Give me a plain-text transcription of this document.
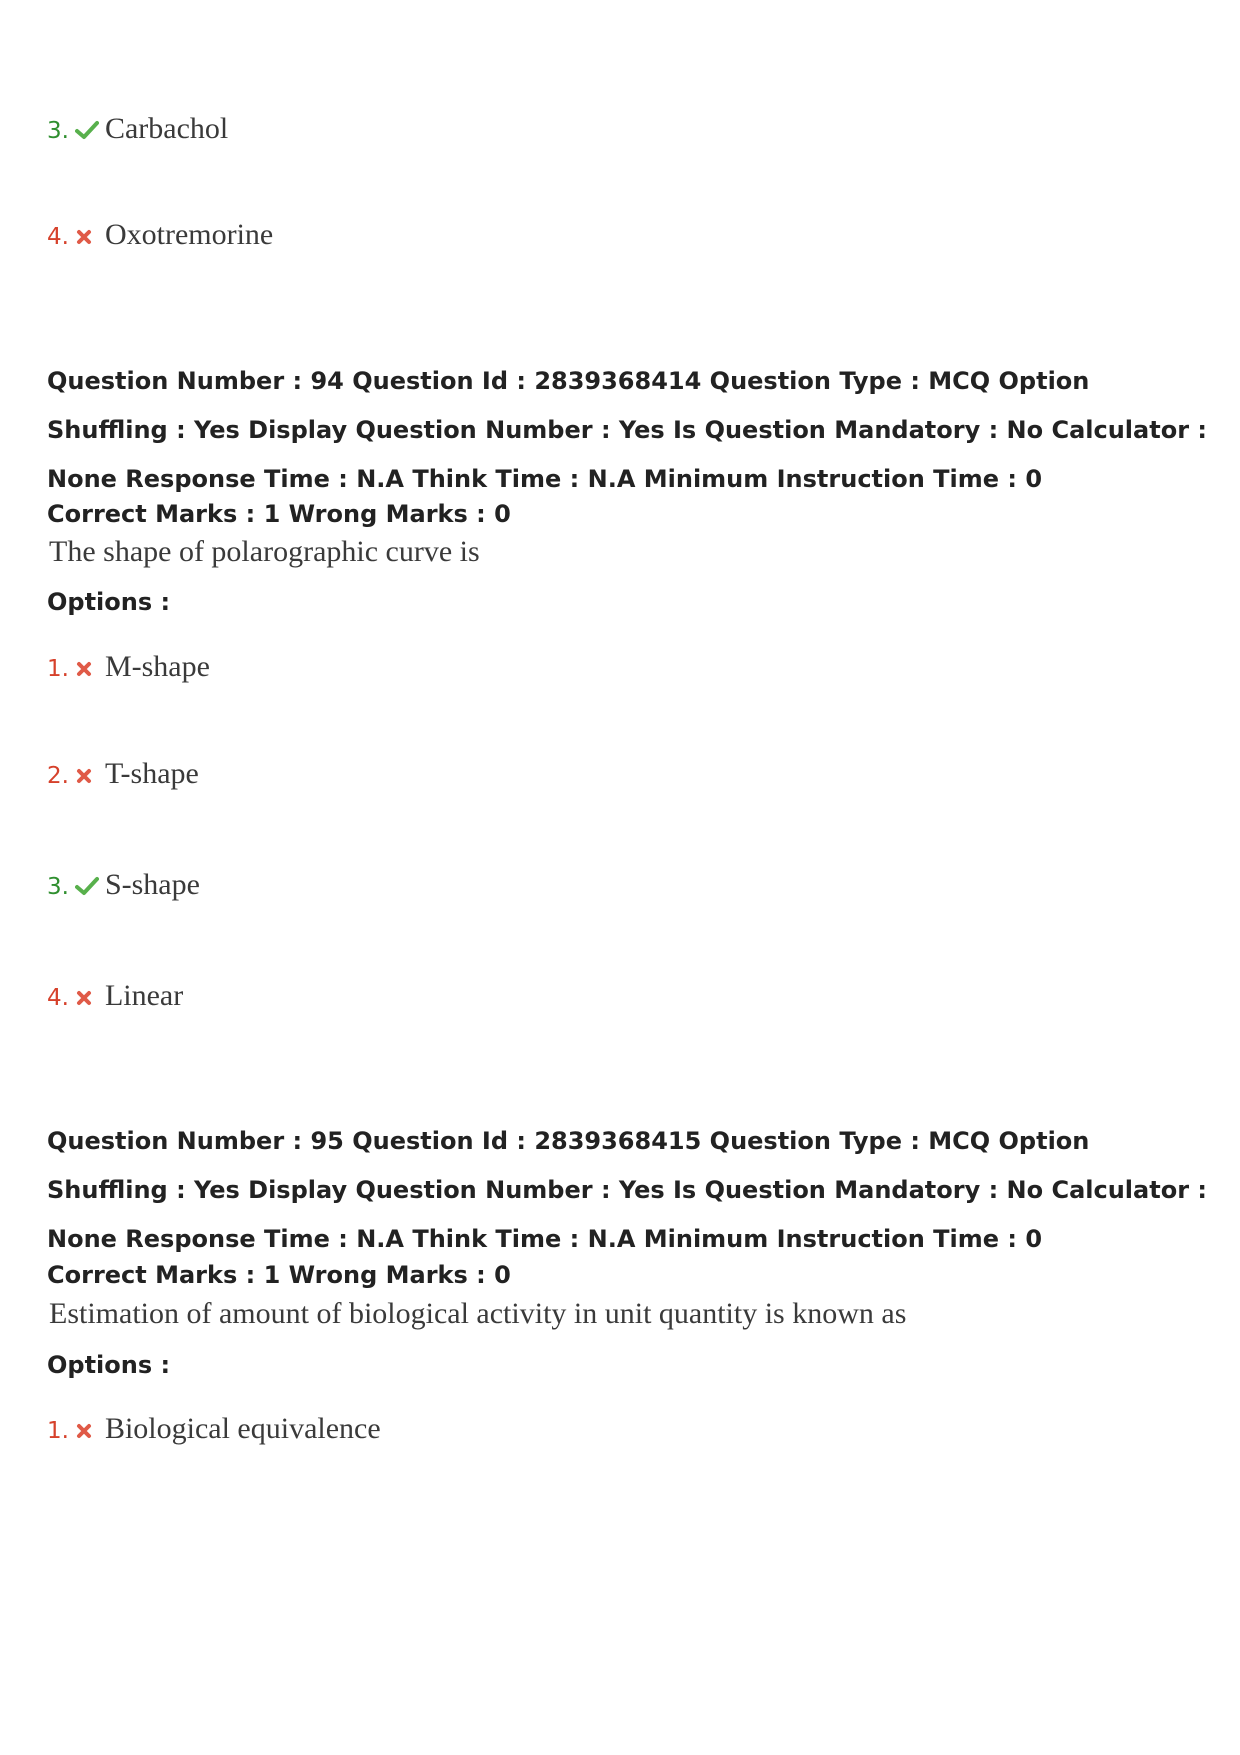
3. Carbachol
4. Oxotremorine

Question Number : 94 Question Id : 2839368414 Question Type : MCQ Option Shuffling : Yes Display Question Number : Yes Is Question Mandatory : No Calculator : None Response Time : N.A Think Time : N.A Minimum Instruction Time : 0

Correct Marks : 1 Wrong Marks : 0
The shape of polarographic curve is
Options :
1. M-shape
2. T-shape
3. S-shape
4. Linear

Question Number : 95 Question Id : 2839368415 Question Type : MCQ Option Shuffling : Yes Display Question Number : Yes Is Question Mandatory : No Calculator : None Response Time : N.A Think Time : N.A Minimum Instruction Time : 0

Correct Marks : 1 Wrong Marks : 0
Estimation of amount of biological activity in unit quantity is known as
Options :
1. Biological equivalence
